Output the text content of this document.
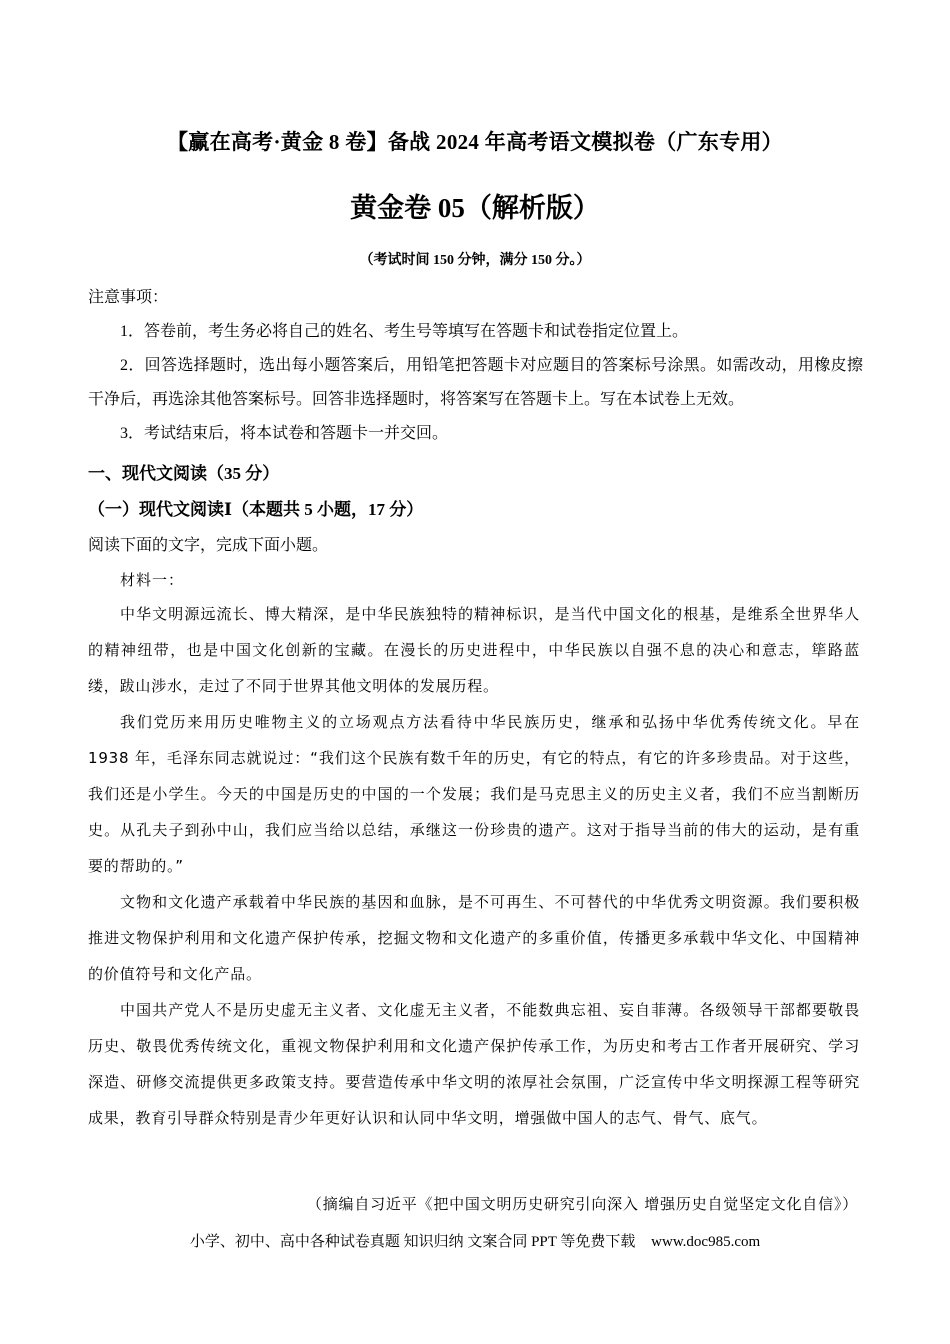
【赢在高考·黄金 8 卷】备战 2024 年高考语文模拟卷（广东专用）
黄金卷 05（解析版）
（考试时间 150 分钟，满分 150 分。）
注意事项：

1．答卷前，考生务必将自己的姓名、考生号等填写在答题卡和试卷指定位置上。

2．回答选择题时，选出每小题答案后，用铅笔把答题卡对应题目的答案标号涂黑。如需改动，用橡皮擦干净后，再选涂其他答案标号。回答非选择题时，将答案写在答题卡上。写在本试卷上无效。

3．考试结束后，将本试卷和答题卡一并交回。

一、现代文阅读（35 分）
（一）现代文阅读Ⅰ（本题共 5 小题，17 分）
阅读下面的文字，完成下面小题。
材料一：

中华文明源远流长、博大精深，是中华民族独特的精神标识，是当代中国文化的根基，是维系全世界华人的精神纽带，也是中国文化创新的宝藏。在漫长的历史进程中，中华民族以自强不息的决心和意志，筚路蓝缕，跋山涉水，走过了不同于世界其他文明体的发展历程。

我们党历来用历史唯物主义的立场观点方法看待中华民族历史，继承和弘扬中华优秀传统文化。早在 1938 年，毛泽东同志就说过：“我们这个民族有数千年的历史，有它的特点，有它的许多珍贵品。对于这些，我们还是小学生。今天的中国是历史的中国的一个发展；我们是马克思主义的历史主义者，我们不应当割断历史。从孔夫子到孙中山，我们应当给以总结，承继这一份珍贵的遗产。这对于指导当前的伟大的运动，是有重要的帮助的。”

文物和文化遗产承载着中华民族的基因和血脉，是不可再生、不可替代的中华优秀文明资源。我们要积极推进文物保护利用和文化遗产保护传承，挖掘文物和文化遗产的多重价值，传播更多承载中华文化、中国精神的价值符号和文化产品。

中国共产党人不是历史虚无主义者、文化虚无主义者，不能数典忘祖、妄自菲薄。各级领导干部都要敬畏历史、敬畏优秀传统文化，重视文物保护利用和文化遗产保护传承工作，为历史和考古工作者开展研究、学习深造、研修交流提供更多政策支持。要营造传承中华文明的浓厚社会氛围，广泛宣传中华文明探源工程等研究成果，教育引导群众特别是青少年更好认识和认同中华文明，增强做中国人的志气、骨气、底气。

（摘编自习近平《把中国文明历史研究引向深入 增强历史自觉坚定文化自信》）
小学、初中、高中各种试卷真题 知识归纳 文案合同 PPT 等免费下载 www.doc985.com
